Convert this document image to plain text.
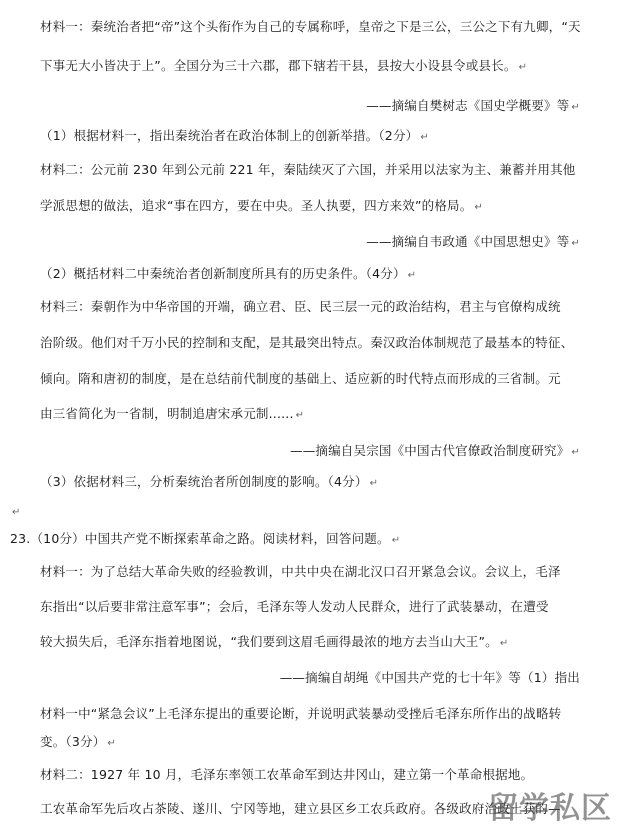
材料一：秦统治者把“帝”这个头衔作为自己的专属称呼，皇帝之下是三公，三公之下有九卿，“天
下事无大小皆决于上”。全国分为三十六郡，郡下辖若干县，县按大小设县令或县长。 ↵
——摘编自樊树志《国史学概要》等 ↵
（1）根据材料一，指出秦统治者在政治体制上的创新举措。（2分） ↵
材料二：公元前 230 年到公元前 221 年，秦陆续灭了六国，并采用以法家为主、兼蓄并用其他
学派思想的做法，追求“事在四方，要在中央。圣人执要，四方来效”的格局。 ↵
——摘编自韦政通《中国思想史》等 ↵
（2）概括材料二中秦统治者创新制度所具有的历史条件。（4分） ↵
材料三：秦朝作为中华帝国的开端，确立君、臣、民三层一元的政治结构，君主与官僚构成统
治阶级。他们对千万小民的控制和支配，是其最突出特点。秦汉政治体制规范了最基本的特征、
倾向。隋和唐初的制度，是在总结前代制度的基础上、适应新的时代特点而形成的三省制。元
由三省简化为一省制，明制追唐宋承元制...... ↵
——摘编自吴宗国《中国古代官僚政治制度研究》 ↵
（3）依据材料三，分析秦统治者所创制度的影响。（4分） ↵
↵
23.（10分）中国共产党不断探索革命之路。阅读材料，回答问题。 ↵
材料一：为了总结大革命失败的经验教训，中共中央在湖北汉口召开紧急会议。会议上，毛泽
东指出“以后要非常注意军事”；会后，毛泽东等人发动人民群众，进行了武装暴动，在遭受
较大损失后，毛泽东指着地图说，“我们要到这眉毛画得最浓的地方去当山大王”。 ↵
——摘编自胡绳《中国共产党的七十年》等（1）指出
材料一中“紧急会议”上毛泽东提出的重要论断，并说明武装暴动受挫后毛泽东所作出的战略转
变。（3分） ↵
材料二：1927 年 10 月，毛泽东率领工农革命军到达井冈山，建立第一个革命根据地。
工农革命军先后攻占茶陵、遂川、宁冈等地，建立县区乡工农兵政府。各级政府治政土获的—
留学私区
